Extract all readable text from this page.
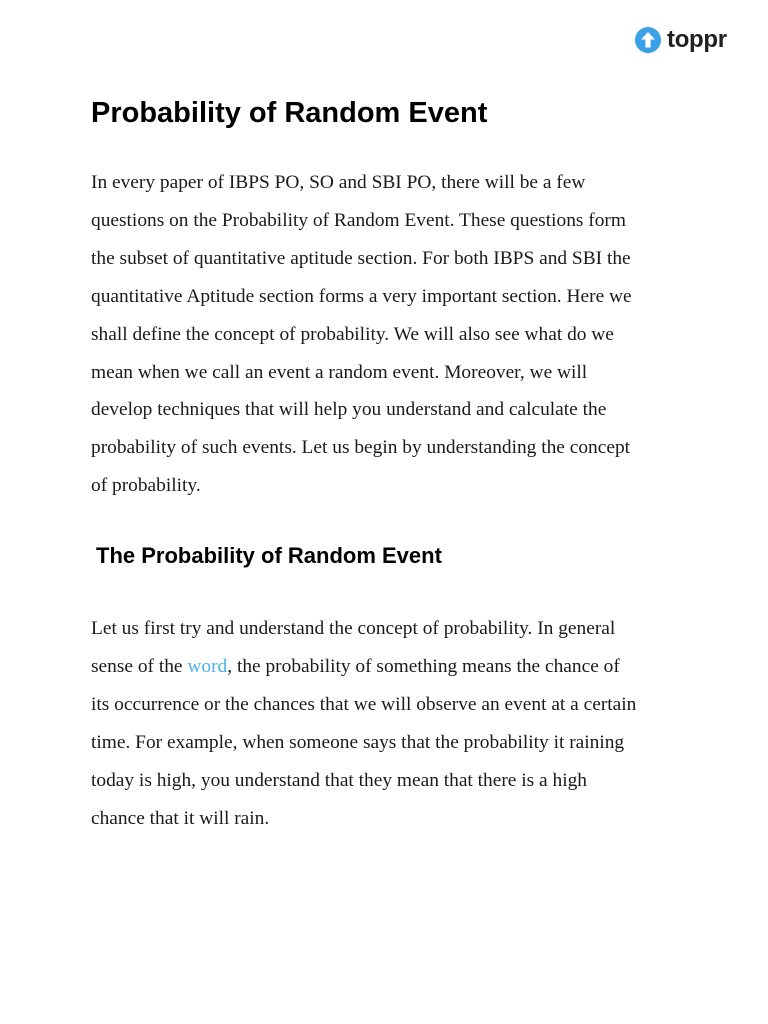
toppr
Probability of Random Event

In every paper of IBPS PO, SO and SBI PO, there will be a few
questions on the Probability of Random Event. These questions form
the subset of quantitative aptitude section. For both IBPS and SBI the
quantitative Aptitude section forms a very important section. Here we
shall define the concept of probability. We will also see what do we
mean when we call an event a random event. Moreover, we will
develop techniques that will help you understand and calculate the
probability of such events. Let us begin by understanding the concept
of probability.

The Probability of Random Event

Let us first try and understand the concept of probability. In general
sense of the word, the probability of something means the chance of
its occurrence or the chances that we will observe an event at a certain
time. For example, when someone says that the probability it raining
today is high, you understand that they mean that there is a high
chance that it will rain.
